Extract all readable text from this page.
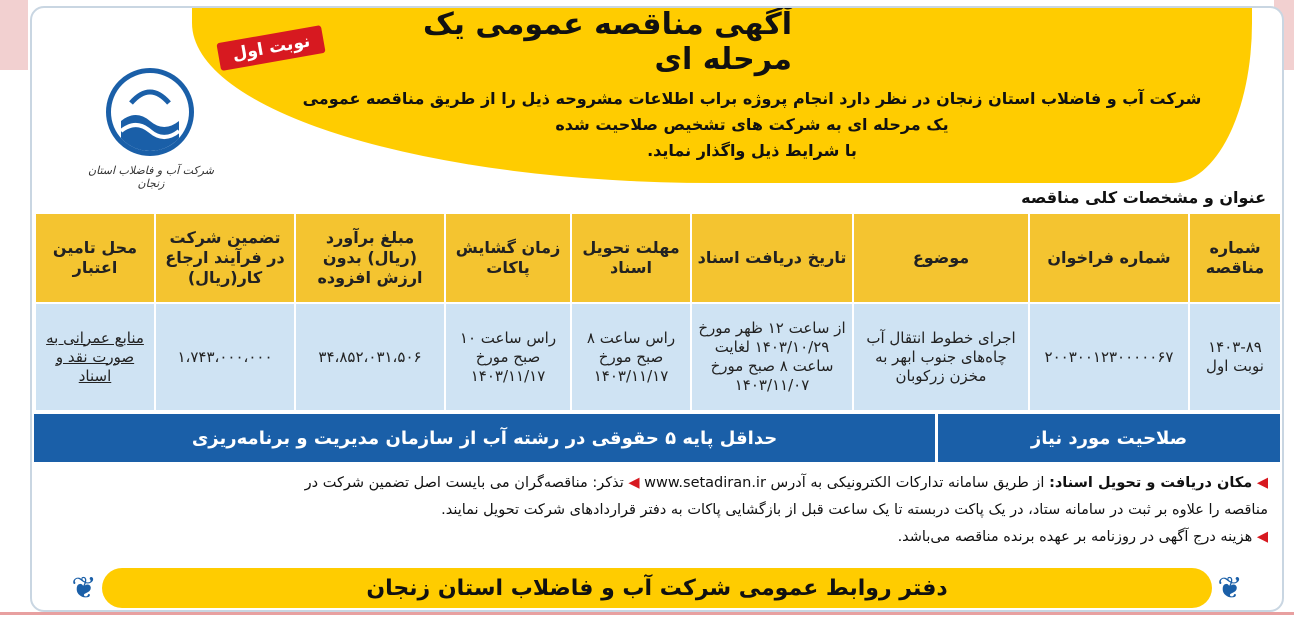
آگهی مناقصه عمومی یک مرحله ای
نوبت اول
شرکت آب و فاضلاب استان زنجان در نظر دارد انجام پروژه براب اطلاعات مشروحه ذیل را از طریق مناقصه عمومی
یک مرحله ای به شرکت های تشخیص صلاحیت شده
با شرایط ذیل واگذار نماید.
شرکت آب و فاضلاب استان زنجان
عنوان و مشخصات کلی مناقصه
شماره مناقصه	شماره فراخوان	موضوع	تاریخ دریافت اسناد	مهلت تحویل اسناد	زمان گشایش پاکات	مبلغ برآورد (ریال) بدون ارزش افزوده	تضمین شرکت در فرآیند ارجاع کار(ریال)	محل تامین اعتبار
۱۴۰۳-۸۹ نوبت اول	۲۰۰۳۰۰۱۲۳۰۰۰۰۰۶۷	اجرای خطوط انتقال آب چاه‌های جنوب ابهر به مخزن زرکوبان	از ساعت ۱۲ ظهر مورخ ۱۴۰۳/۱۰/۲۹ لغایت ساعت ۸ صبح مورخ ۱۴۰۳/۱۱/۰۷	راس ساعت ۸ صبح مورخ ۱۴۰۳/۱۱/۱۷	راس ساعت ۱۰ صبح مورخ ۱۴۰۳/۱۱/۱۷	۳۴،۸۵۲،۰۳۱،۵۰۶	۱،۷۴۳،۰۰۰،۰۰۰	منابع عمرانی به صورت نقد و اسناد
صلاحیت مورد نیاز
حداقل پایه ۵ حقوقی در رشته آب از سازمان مدیریت و برنامه‌ریزی
◀ مکان دریافت و تحویل اسناد: از طریق سامانه تدارکات الکترونیکی به آدرس www.setadiran.ir ◀ تذکر: مناقصه‌گران می بایست اصل تضمین شرکت در
مناقصه را علاوه بر ثبت در سامانه ستاد، در یک پاکت دربسته تا یک ساعت قبل از بازگشایی پاکات به دفتر قراردادهای شرکت تحویل نمایند.
◀ هزینه درج آگهی در روزنامه بر عهده برنده مناقصه می‌باشد.
❦	دفتر روابط عمومی شرکت آب و فاضلاب استان زنجان	❦
